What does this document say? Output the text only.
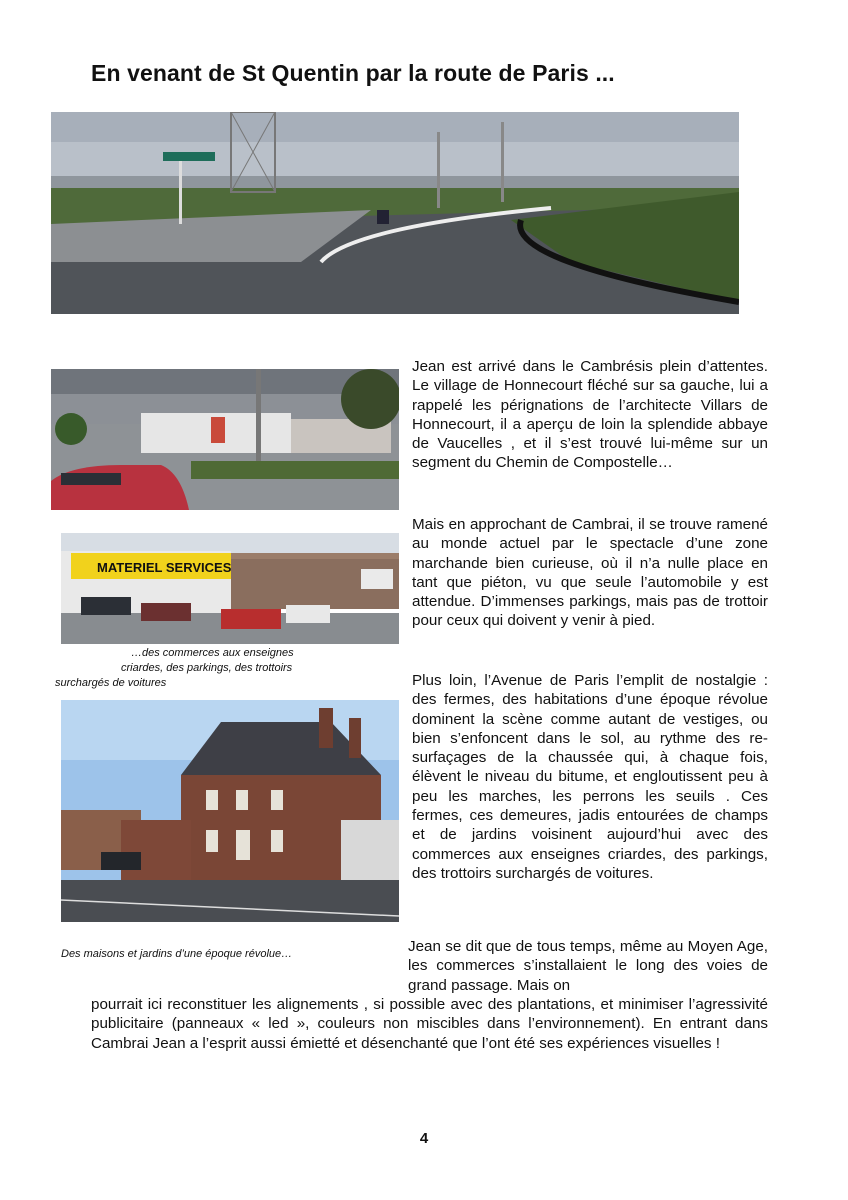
En venant de St Quentin par la route de Paris ...
MATERIEL SERVICES

…des commerces aux enseignes

criardes, des parkings, des trottoirs

surchargés de voitures

Des maisons et jardins d’une époque révolue…

Jean est arrivé dans le Cambrésis plein d’attentes. Le village de Honnecourt fléché sur sa gauche, lui a rappelé les pérignations de l’architecte Villars de Honnecourt, il a aperçu de loin la splendide abbaye de Vaucelles , et il s’est trouvé lui-même sur un segment du Chemin de Compostelle…

Mais en approchant de Cambrai, il se trouve ramené au monde actuel par le spectacle d’une zone marchande bien curieuse, où il n’a nulle place en tant que piéton, vu que seule l’automobile y est attendue. D’immenses parkings, mais pas de trottoir pour ceux qui doivent y venir à pied.

Plus loin, l’Avenue de Paris l’emplit de nostalgie : des fermes, des habitations d’une époque révolue dominent la scène comme autant de vestiges, ou bien s’enfoncent dans le sol, au rythme des re-surfaçages de la chaussée qui, à chaque fois, élèvent le niveau du bitume, et engloutissent peu à peu les marches, les perrons les seuils . Ces fermes, ces demeures, jadis entourées de champs et de jardins voisinent aujourd’hui avec des commerces aux enseignes criardes, des parkings, des trottoirs surchargés de voitures.

Jean se dit que de tous temps, même au Moyen Age, les commerces s’installaient le long des voies de grand passage. Mais on

pourrait ici reconstituer les alignements , si possible avec des plantations, et minimiser l’agressivité publicitaire (panneaux « led », couleurs non miscibles dans l’environnement). En entrant dans Cambrai Jean a l’esprit aussi émietté et désenchanté que l’ont été ses expériences visuelles !

4
